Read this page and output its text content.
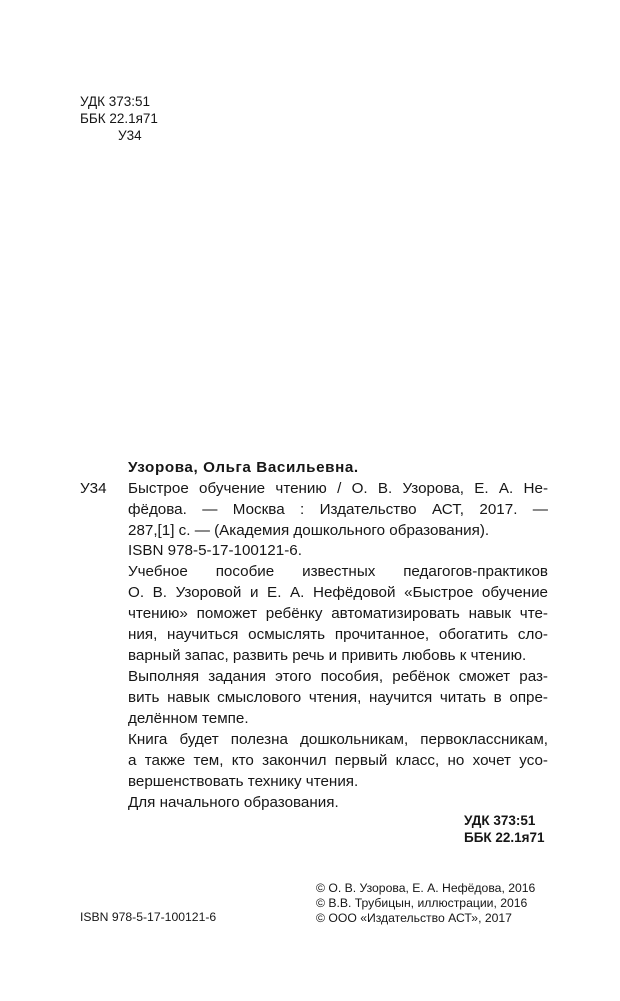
УДК 373:51
ББК 22.1я71
У34
Узорова, Ольга Васильевна.
У34 Быстрое обучение чтению / О. В. Узорова, Е. А. Не-
фёдова. — Москва : Издательство АСТ, 2017. —
287,[1] с. — (Академия дошкольного образования).
ISBN 978-5-17-100121-6.
Учебное пособие известных педагогов-практиков
О. В. Узоровой и Е. А. Нефёдовой «Быстрое обучение
чтению» поможет ребёнку автоматизировать навык чте-
ния, научиться осмыслять прочитанное, обогатить сло-
варный запас, развить речь и привить любовь к чтению.
Выполняя задания этого пособия, ребёнок сможет раз-
вить навык смыслового чтения, научится читать в опре-
делённом темпе.
Книга будет полезна дошкольникам, первоклассникам,
а также тем, кто закончил первый класс, но хочет усо-
вершенствовать технику чтения.
Для начального образования.
УДК 373:51
ББК 22.1я71
ISBN 978-5-17-100121-6
© О. В. Узорова, Е. А. Нефёдова, 2016
© В.В. Трубицын, иллюстрации, 2016
© ООО «Издательство АСТ», 2017
